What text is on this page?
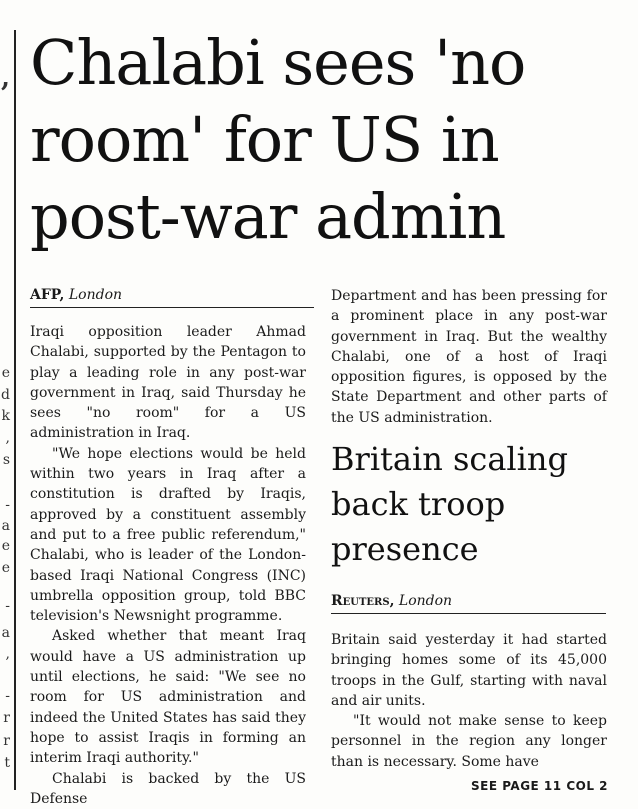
,
e
d
k
,
s
-
a
e
e
-
a
,
-
r
r
t
Chalabi sees 'no room' for US in post-war admin
AFP, London

Iraqi opposition leader Ahmad Chalabi, supported by the Pentagon to play a leading role in any post-war government in Iraq, said Thursday he sees "no room" for a US administration in Iraq.

"We hope elections would be held within two years in Iraq after a constitution is drafted by Iraqis, approved by a constituent assembly and put to a free public referendum," Chalabi, who is leader of the London-based Iraqi National Congress (INC) umbrella opposition group, told BBC television's Newsnight programme.

Asked whether that meant Iraq would have a US administration up until elections, he said: "We see no room for US administration and indeed the United States has said they hope to assist Iraqis in forming an interim Iraqi authority."

Chalabi is backed by the US Defense

Department and has been pressing for a prominent place in any post-war government in Iraq. But the wealthy Chalabi, one of a host of Iraqi opposition figures, is opposed by the State Department and other parts of the US administration.

Britain scaling back troop presence
Reuters, London

Britain said yesterday it had started bringing homes some of its 45,000 troops in the Gulf, starting with naval and air units.

"It would not make sense to keep personnel in the region any longer than is necessary. Some have

SEE PAGE 11 COL 2
